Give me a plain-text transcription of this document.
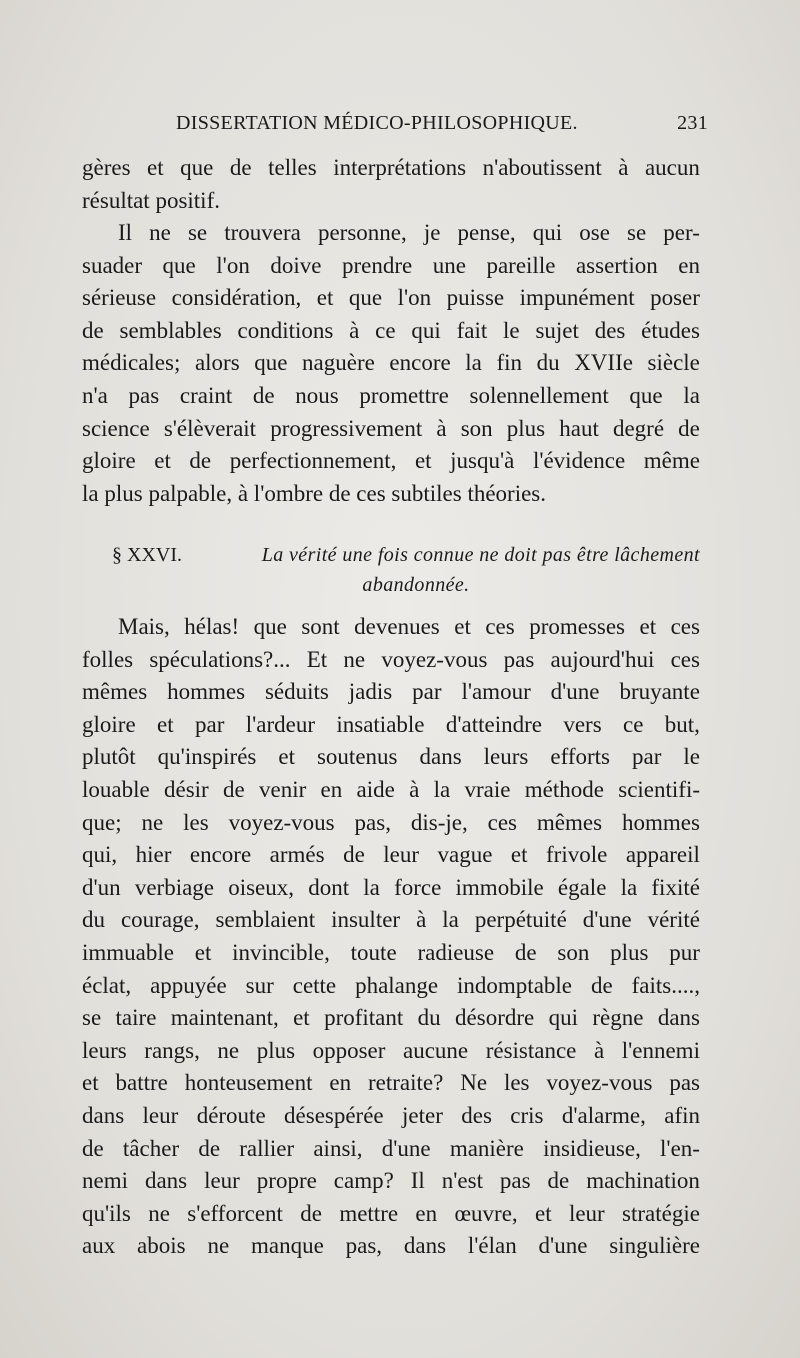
DISSERTATION MÉDICO-PHILOSOPHIQUE.	231
gères et que de telles interprétations n'aboutissent à aucun
résultat positif.
Il ne se trouvera personne, je pense, qui ose se per-
suader que l'on doive prendre une pareille assertion en
sérieuse considération, et que l'on puisse impunément poser
de semblables conditions à ce qui fait le sujet des études
médicales; alors que naguère encore la fin du XVIIe siècle
n'a pas craint de nous promettre solennellement que la
science s'élèverait progressivement à son plus haut degré de
gloire et de perfectionnement, et jusqu'à l'évidence même
la plus palpable, à l'ombre de ces subtiles théories.
§ XXVI.	La vérité une fois connue ne doit pas être lâchement
abandonnée.
Mais, hélas! que sont devenues et ces promesses et ces
folles spéculations?... Et ne voyez-vous pas aujourd'hui ces
mêmes hommes séduits jadis par l'amour d'une bruyante
gloire et par l'ardeur insatiable d'atteindre vers ce but,
plutôt qu'inspirés et soutenus dans leurs efforts par le
louable désir de venir en aide à la vraie méthode scientifi-
que; ne les voyez-vous pas, dis-je, ces mêmes hommes
qui, hier encore armés de leur vague et frivole appareil
d'un verbiage oiseux, dont la force immobile égale la fixité
du courage, semblaient insulter à la perpétuité d'une vérité
immuable et invincible, toute radieuse de son plus pur
éclat, appuyée sur cette phalange indomptable de faits....,
se taire maintenant, et profitant du désordre qui règne dans
leurs rangs, ne plus opposer aucune résistance à l'ennemi
et battre honteusement en retraite? Ne les voyez-vous pas
dans leur déroute désespérée jeter des cris d'alarme, afin
de tâcher de rallier ainsi, d'une manière insidieuse, l'en-
nemi dans leur propre camp? Il n'est pas de machination
qu'ils ne s'efforcent de mettre en œuvre, et leur stratégie
aux abois ne manque pas, dans l'élan d'une singulière
